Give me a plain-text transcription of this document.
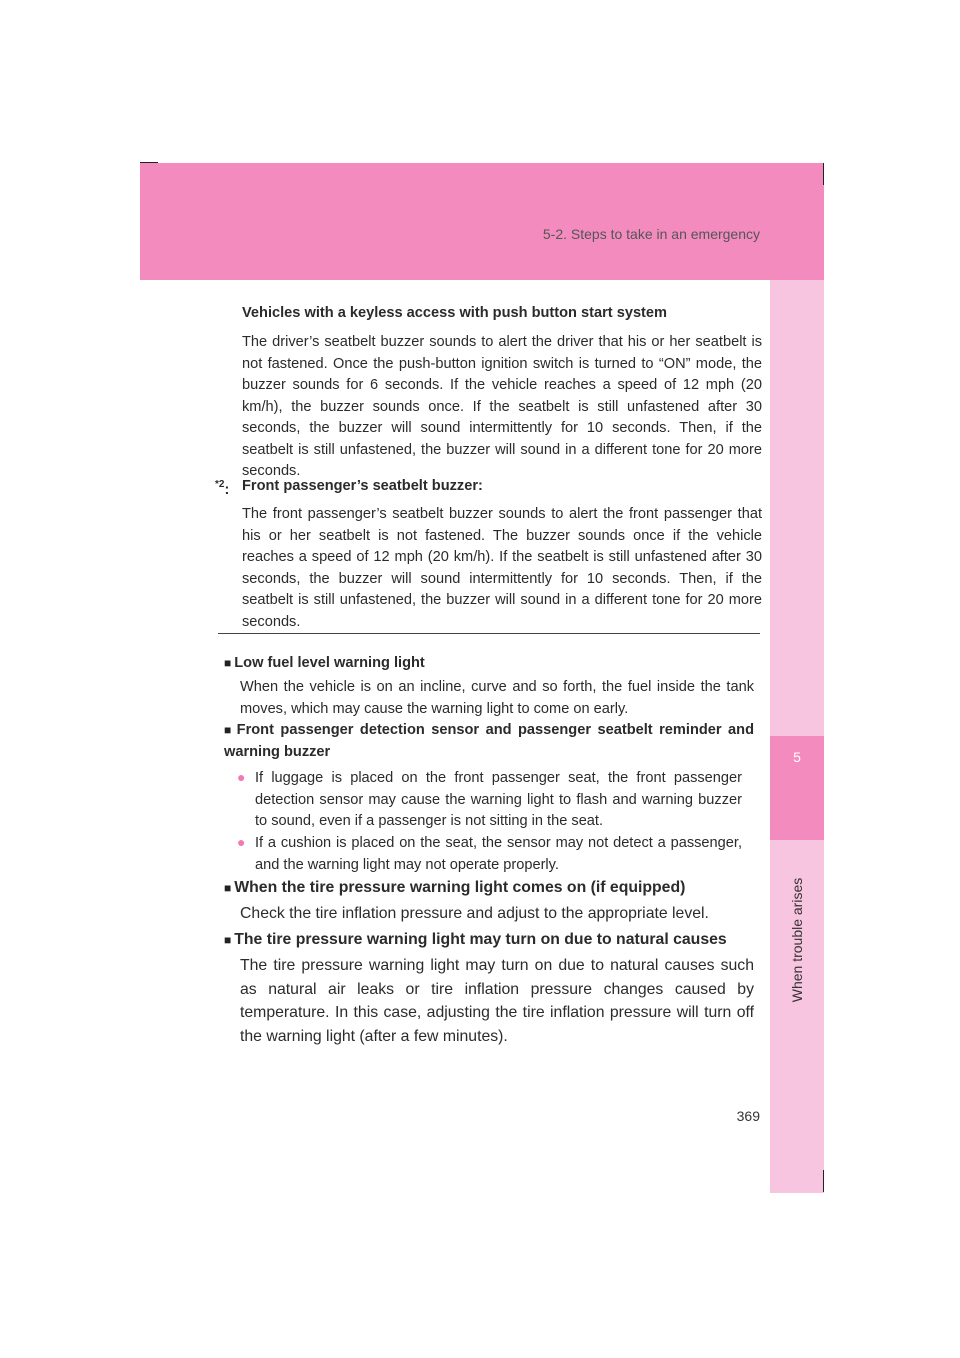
5-2. Steps to take in an emergency
5
When trouble arises
Vehicles with a keyless access with push button start system
The driver’s seatbelt buzzer sounds to alert the driver that his or her seatbelt is not fastened. Once the push-button ignition switch is turned to “ON” mode, the buzzer sounds for 6 seconds. If the vehicle reaches a speed of 12 mph (20 km/h), the buzzer sounds once. If the seatbelt is still unfastened after 30 seconds, the buzzer will sound intermittently for 10 seconds. Then, if the seatbelt is still unfastened, the buzzer will sound in a different tone for 20 more seconds.
$^{*2}$: Front passenger’s seatbelt buzzer:
The front passenger’s seatbelt buzzer sounds to alert the front passenger that his or her seatbelt is not fastened. The buzzer sounds once if the vehicle reaches a speed of 12 mph (20 km/h). If the seatbelt is still unfastened after 30 seconds, the buzzer will sound intermittently for 10 seconds. Then, if the seatbelt is still unfastened, the buzzer will sound in a different tone for 20 more seconds.
■ Low fuel level warning light
When the vehicle is on an incline, curve and so forth, the fuel inside the tank moves, which may cause the warning light to come on early.
■ Front passenger detection sensor and passenger seatbelt reminder and warning buzzer
● If luggage is placed on the front passenger seat, the front passenger detection sensor may cause the warning light to flash and warning buzzer to sound, even if a passenger is not sitting in the seat.
● If a cushion is placed on the seat, the sensor may not detect a passenger, and the warning light may not operate properly.
■ When the tire pressure warning light comes on (if equipped)
Check the tire inflation pressure and adjust to the appropriate level.
■ The tire pressure warning light may turn on due to natural causes
The tire pressure warning light may turn on due to natural causes such as natural air leaks or tire inflation pressure changes caused by temperature. In this case, adjusting the tire inflation pressure will turn off the warning light (after a few minutes).
369
